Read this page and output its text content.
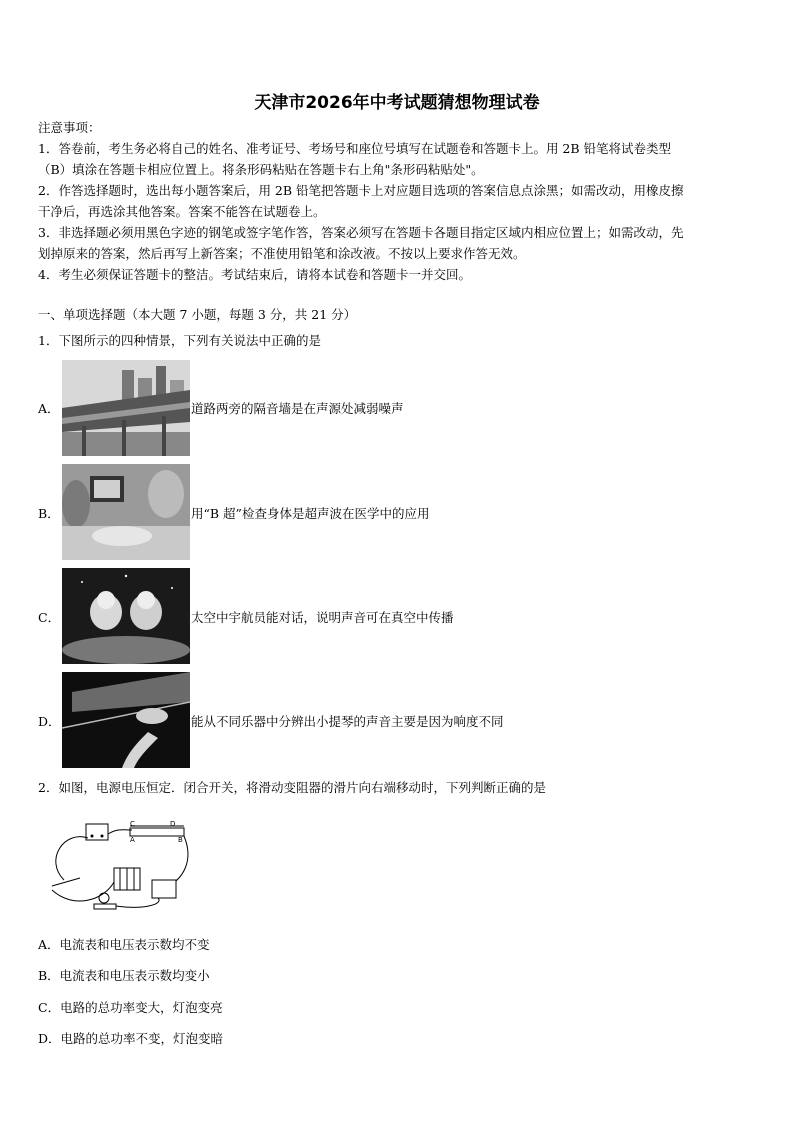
天津市2026年中考试题猜想物理试卷
注意事项：
1．答卷前，考生务必将自己的姓名、准考证号、考场号和座位号填写在试题卷和答题卡上。用 2B 铅笔将试卷类型
（B）填涂在答题卡相应位置上。将条形码粘贴在答题卡右上角"条形码粘贴处"。
2．作答选择题时，选出每小题答案后，用 2B 铅笔把答题卡上对应题目选项的答案信息点涂黑；如需改动，用橡皮擦
干净后，再选涂其他答案。答案不能答在试题卷上。
3．非选择题必须用黑色字迹的钢笔或签字笔作答，答案必须写在答题卡各题目指定区域内相应位置上；如需改动，先
划掉原来的答案，然后再写上新答案；不准使用铅笔和涂改液。不按以上要求作答无效。
4．考生必须保证答题卡的整洁。考试结束后，请将本试卷和答题卡一并交回。
一、单项选择题（本大题 7 小题，每题 3 分，共 21 分）
1．下图所示的四种情景，下列有关说法中正确的是
A．	道路两旁的隔音墙是在声源处减弱噪声
B．	用“B 超”检查身体是超声波在医学中的应用
C．	太空中宇航员能对话，说明声音可在真空中传播
D．	能从不同乐器中分辨出小提琴的声音主要是因为响度不同
2．如图，电源电压恒定．闭合开关，将滑动变阻器的滑片向右端移动时，下列判断正确的是
C	D
A	B
A．电流表和电压表示数均不变
B．电流表和电压表示数均变小
C．电路的总功率变大，灯泡变亮
D．电路的总功率不变，灯泡变暗
